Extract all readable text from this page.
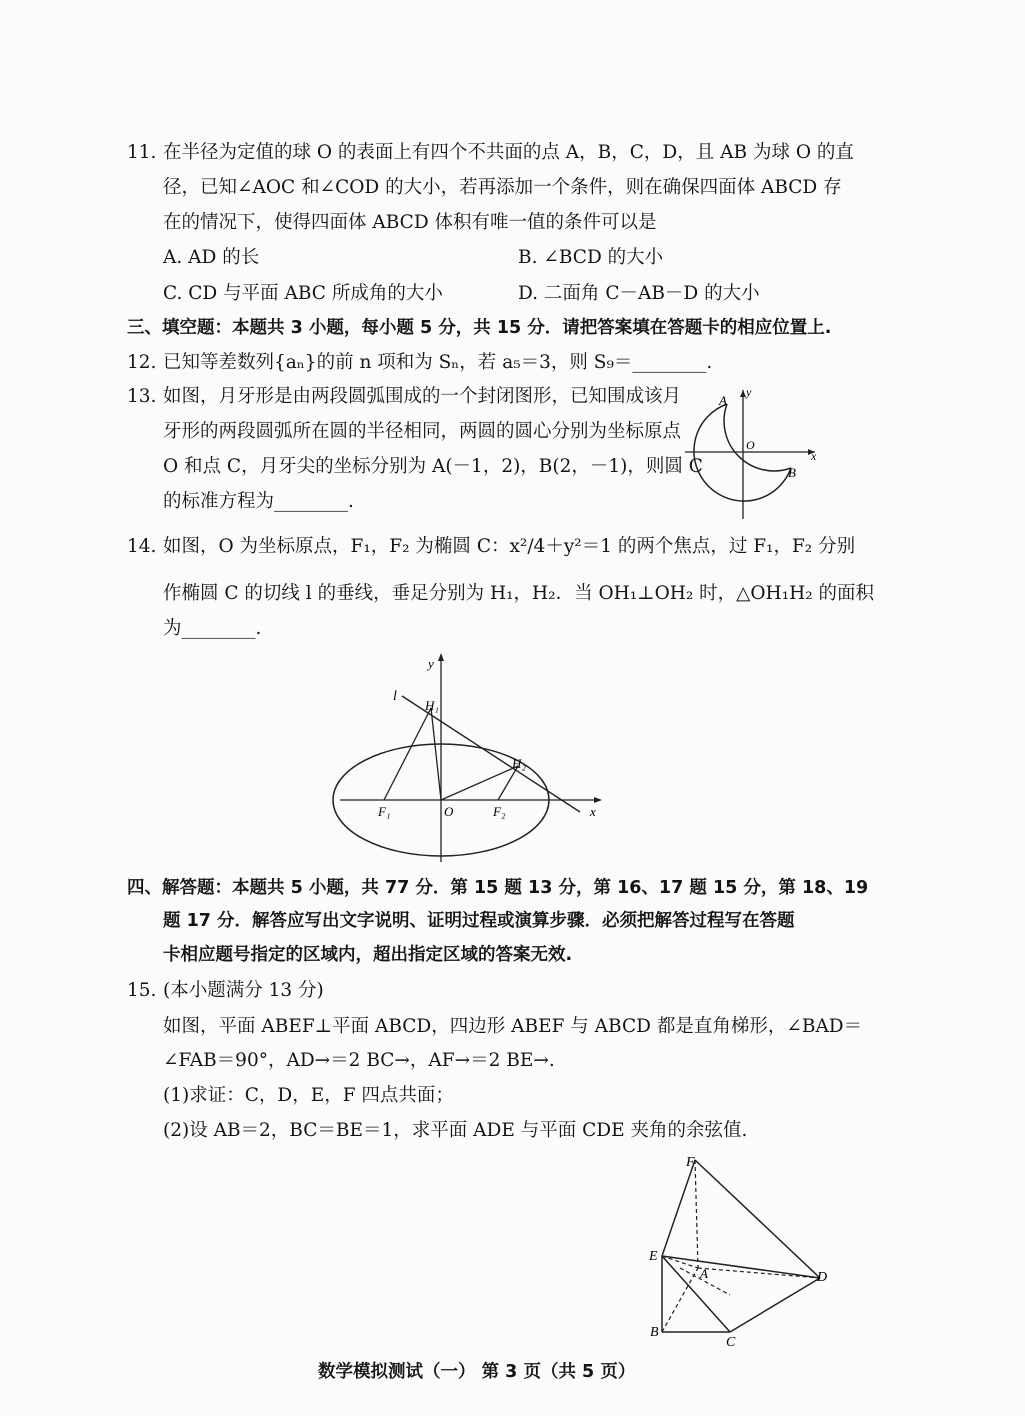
11. 在半径为定值的球 O 的表面上有四个不共面的点 A，B，C，D，且 AB 为球 O 的直
径，已知∠AOC 和∠COD 的大小，若再添加一个条件，则在确保四面体 ABCD 存
在的情况下，使得四面体 ABCD 体积有唯一值的条件可以是
A. AD 的长	B. ∠BCD 的大小
C. CD 与平面 ABC 所成角的大小	D. 二面角 C－AB－D 的大小
三、填空题：本题共 3 小题，每小题 5 分，共 15 分．请把答案填在答题卡的相应位置上.
12. 已知等差数列{aₙ}的前 n 项和为 Sₙ，若 a₅＝3，则 S₉＝________.
13. 如图，月牙形是由两段圆弧围成的一个封闭图形，已知围成该月
牙形的两段圆弧所在圆的半径相同，两圆的圆心分别为坐标原点
O 和点 C，月牙尖的坐标分别为 A(－1，2)，B(2，－1)，则圆 C
的标准方程为________.
A
y
O
x
B
14. 如图，O 为坐标原点，F₁，F₂ 为椭圆 C：x²/4＋y²＝1 的两个焦点，过 F₁，F₂ 分别
作椭圆 C 的切线 l 的垂线，垂足分别为 H₁，H₂．当 OH₁⊥OH₂ 时，△OH₁H₂ 的面积
为________.
l
H₁
H₂
F₁	F₂
O	x
y
四、解答题：本题共 5 小题，共 77 分．第 15 题 13 分，第 16、17 题 15 分，第 18、19
题 17 分．解答应写出文字说明、证明过程或演算步骤．必须把解答过程写在答题
卡相应题号指定的区域内，超出指定区域的答案无效.
15. (本小题满分 13 分)
如图，平面 ABEF⊥平面 ABCD，四边形 ABEF 与 ABCD 都是直角梯形，∠BAD＝
∠FAB＝90°，AD→＝2 BC→，AF→＝2 BE→.
(1)求证：C，D，E，F 四点共面；
(2)设 AB＝2，BC＝BE＝1，求平面 ADE 与平面 CDE 夹角的余弦值.
F
E
A	D
B
C
数学模拟测试（一） 第 3 页（共 5 页）
